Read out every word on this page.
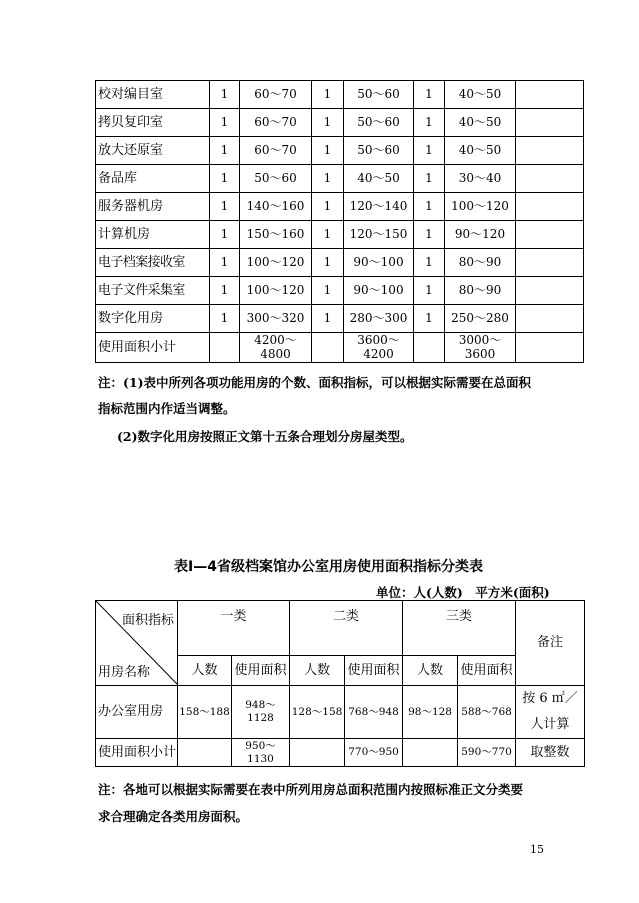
校对编目室	1	60～70	1	50～60	1	40～50	
拷贝复印室	1	60～70	1	50～60	1	40～50	
放大还原室	1	60～70	1	50～60	1	40～50	
备品库	1	50～60	1	40～50	1	30～40	
服务器机房	1	140～160	1	120～140	1	100～120	
计算机房	1	150～160	1	120～150	1	90～120	
电子档案接收室	1	100～120	1	90～100	1	80～90	
电子文件采集室	1	100～120	1	90～100	1	80～90	
数字化用房	1	300～320	1	280～300	1	250～280	
使用面积小计		4200～4800		3600～4200		3000～3600	
注：(1)表中所列各项功能用房的个数、面积指标，可以根据实际需要在总面积
指标范围内作适当调整。
(2)数字化用房按照正文第十五条合理划分房屋类型。
表Ⅰ—4省级档案馆办公室用房使用面积指标分类表
单位：人(人数)　平方米(面积)
面积指标
用房名称	一类		二类		三类		备注
	人数	使用面积	人数	使用面积	人数	使用面积	
办公室用房	158～188	948～1128	128～158	768～948	98～128	588～768	按 6 ㎡／人计算
使用面积小计		950～1130		770～950		590～770	取整数
注：各地可以根据实际需要在表中所列用房总面积范围内按照标准正文分类要
求合理确定各类用房面积。
15
